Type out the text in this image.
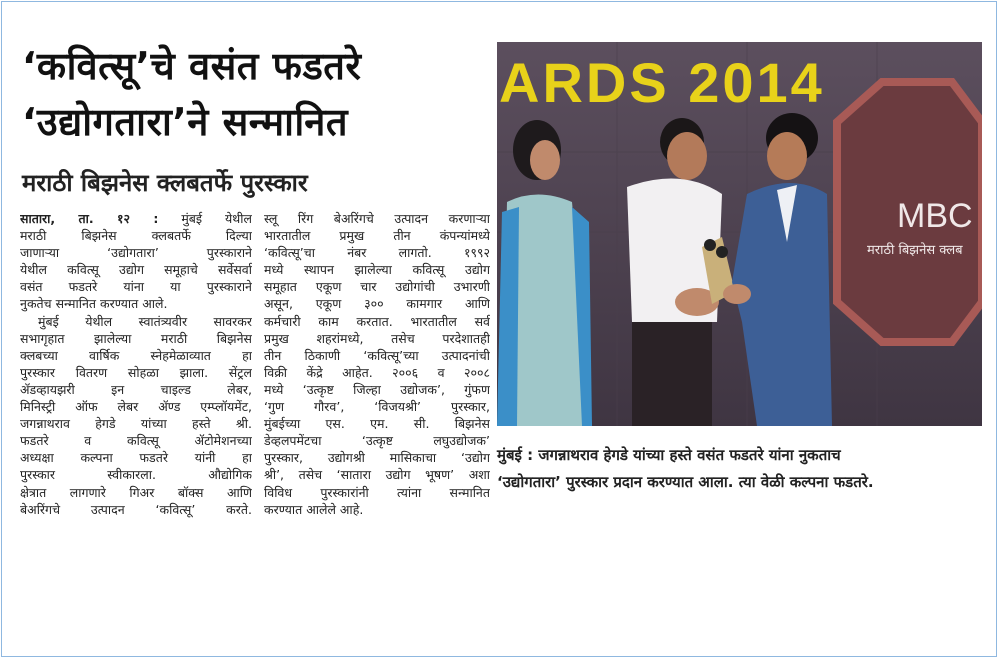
‘कवित्सू’चे वसंत फडतरे
‘उद्योगतारा’ने सन्मानित
मराठी बिझनेस क्लबतर्फे पुरस्कार
सातारा, ता. १२ : मुंबई येथील
मराठी बिझनेस क्लबतर्फे दिल्या
जाणाऱ्या ‘उद्योगतारा’ पुरस्काराने
येथील कवित्सू उद्योग समूहाचे सर्वेसर्वा
वसंत फडतरे यांना या पुरस्काराने
नुकतेच सन्मानित करण्यात आले.
मुंबई येथील स्वातंत्र्यवीर सावरकर
सभागृहात झालेल्या मराठी बिझनेस
क्लबच्या वार्षिक स्नेहमेळाव्यात हा
पुरस्कार वितरण सोहळा झाला. सेंट्रल
ॲडव्हायझरी इन चाइल्ड लेबर,
मिनिस्ट्री ऑफ लेबर ॲण्ड एम्प्लॉयमेंट,
जगन्नाथराव हेगडे यांच्या हस्ते श्री.
फडतरे व कवित्सू ॲटोमेशनच्या
अध्यक्षा कल्पना फडतरे यांनी हा
पुरस्कार स्वीकारला. औद्योगिक
क्षेत्रात लागणारे गिअर बॉक्स आणि
बेअरिंगचे उत्पादन ‘कवित्सू’ करते.
स्लू रिंग बेअरिंगचे उत्पादन करणाऱ्या
भारतातील प्रमुख तीन कंपन्यांमध्ये
‘कवित्सू’चा नंबर लागतो. १९९२
मध्ये स्थापन झालेल्या कवित्सू उद्योग
समूहात एकूण चार उद्योगांची उभारणी
असून, एकूण ३०० कामगार आणि
कर्मचारी काम करतात. भारतातील सर्व
प्रमुख शहरांमध्ये, तसेच परदेशातही
तीन ठिकाणी ‘कवित्सू’च्या उत्पादनांची
विक्री केंद्रे आहेत. २००६ व २००८
मध्ये ‘उत्कृष्ट जिल्हा उद्योजक’, गुंफण
‘गुण गौरव’, ‘विजयश्री’ पुरस्कार,
मुंबईच्या एस. एम. सी. बिझनेस
डेव्हलपमेंटचा ‘उत्कृष्ट लघुउद्योजक’
पुरस्कार, उद्योगश्री मासिकाचा ‘उद्योग
श्री’, तसेच ‘सातारा उद्योग भूषण’ अशा
विविध पुरस्कारांनी त्यांना सन्मानित
करण्यात आलेले आहे.
MBC
मराठी बिझनेस क्लब
ARDS 2014
मुंबई : जगन्नाथराव हेगडे यांच्या हस्ते वसंत फडतरे यांना नुकताच
‘उद्योगतारा’ पुरस्कार प्रदान करण्यात आला. त्या वेळी कल्पना फडतरे.
